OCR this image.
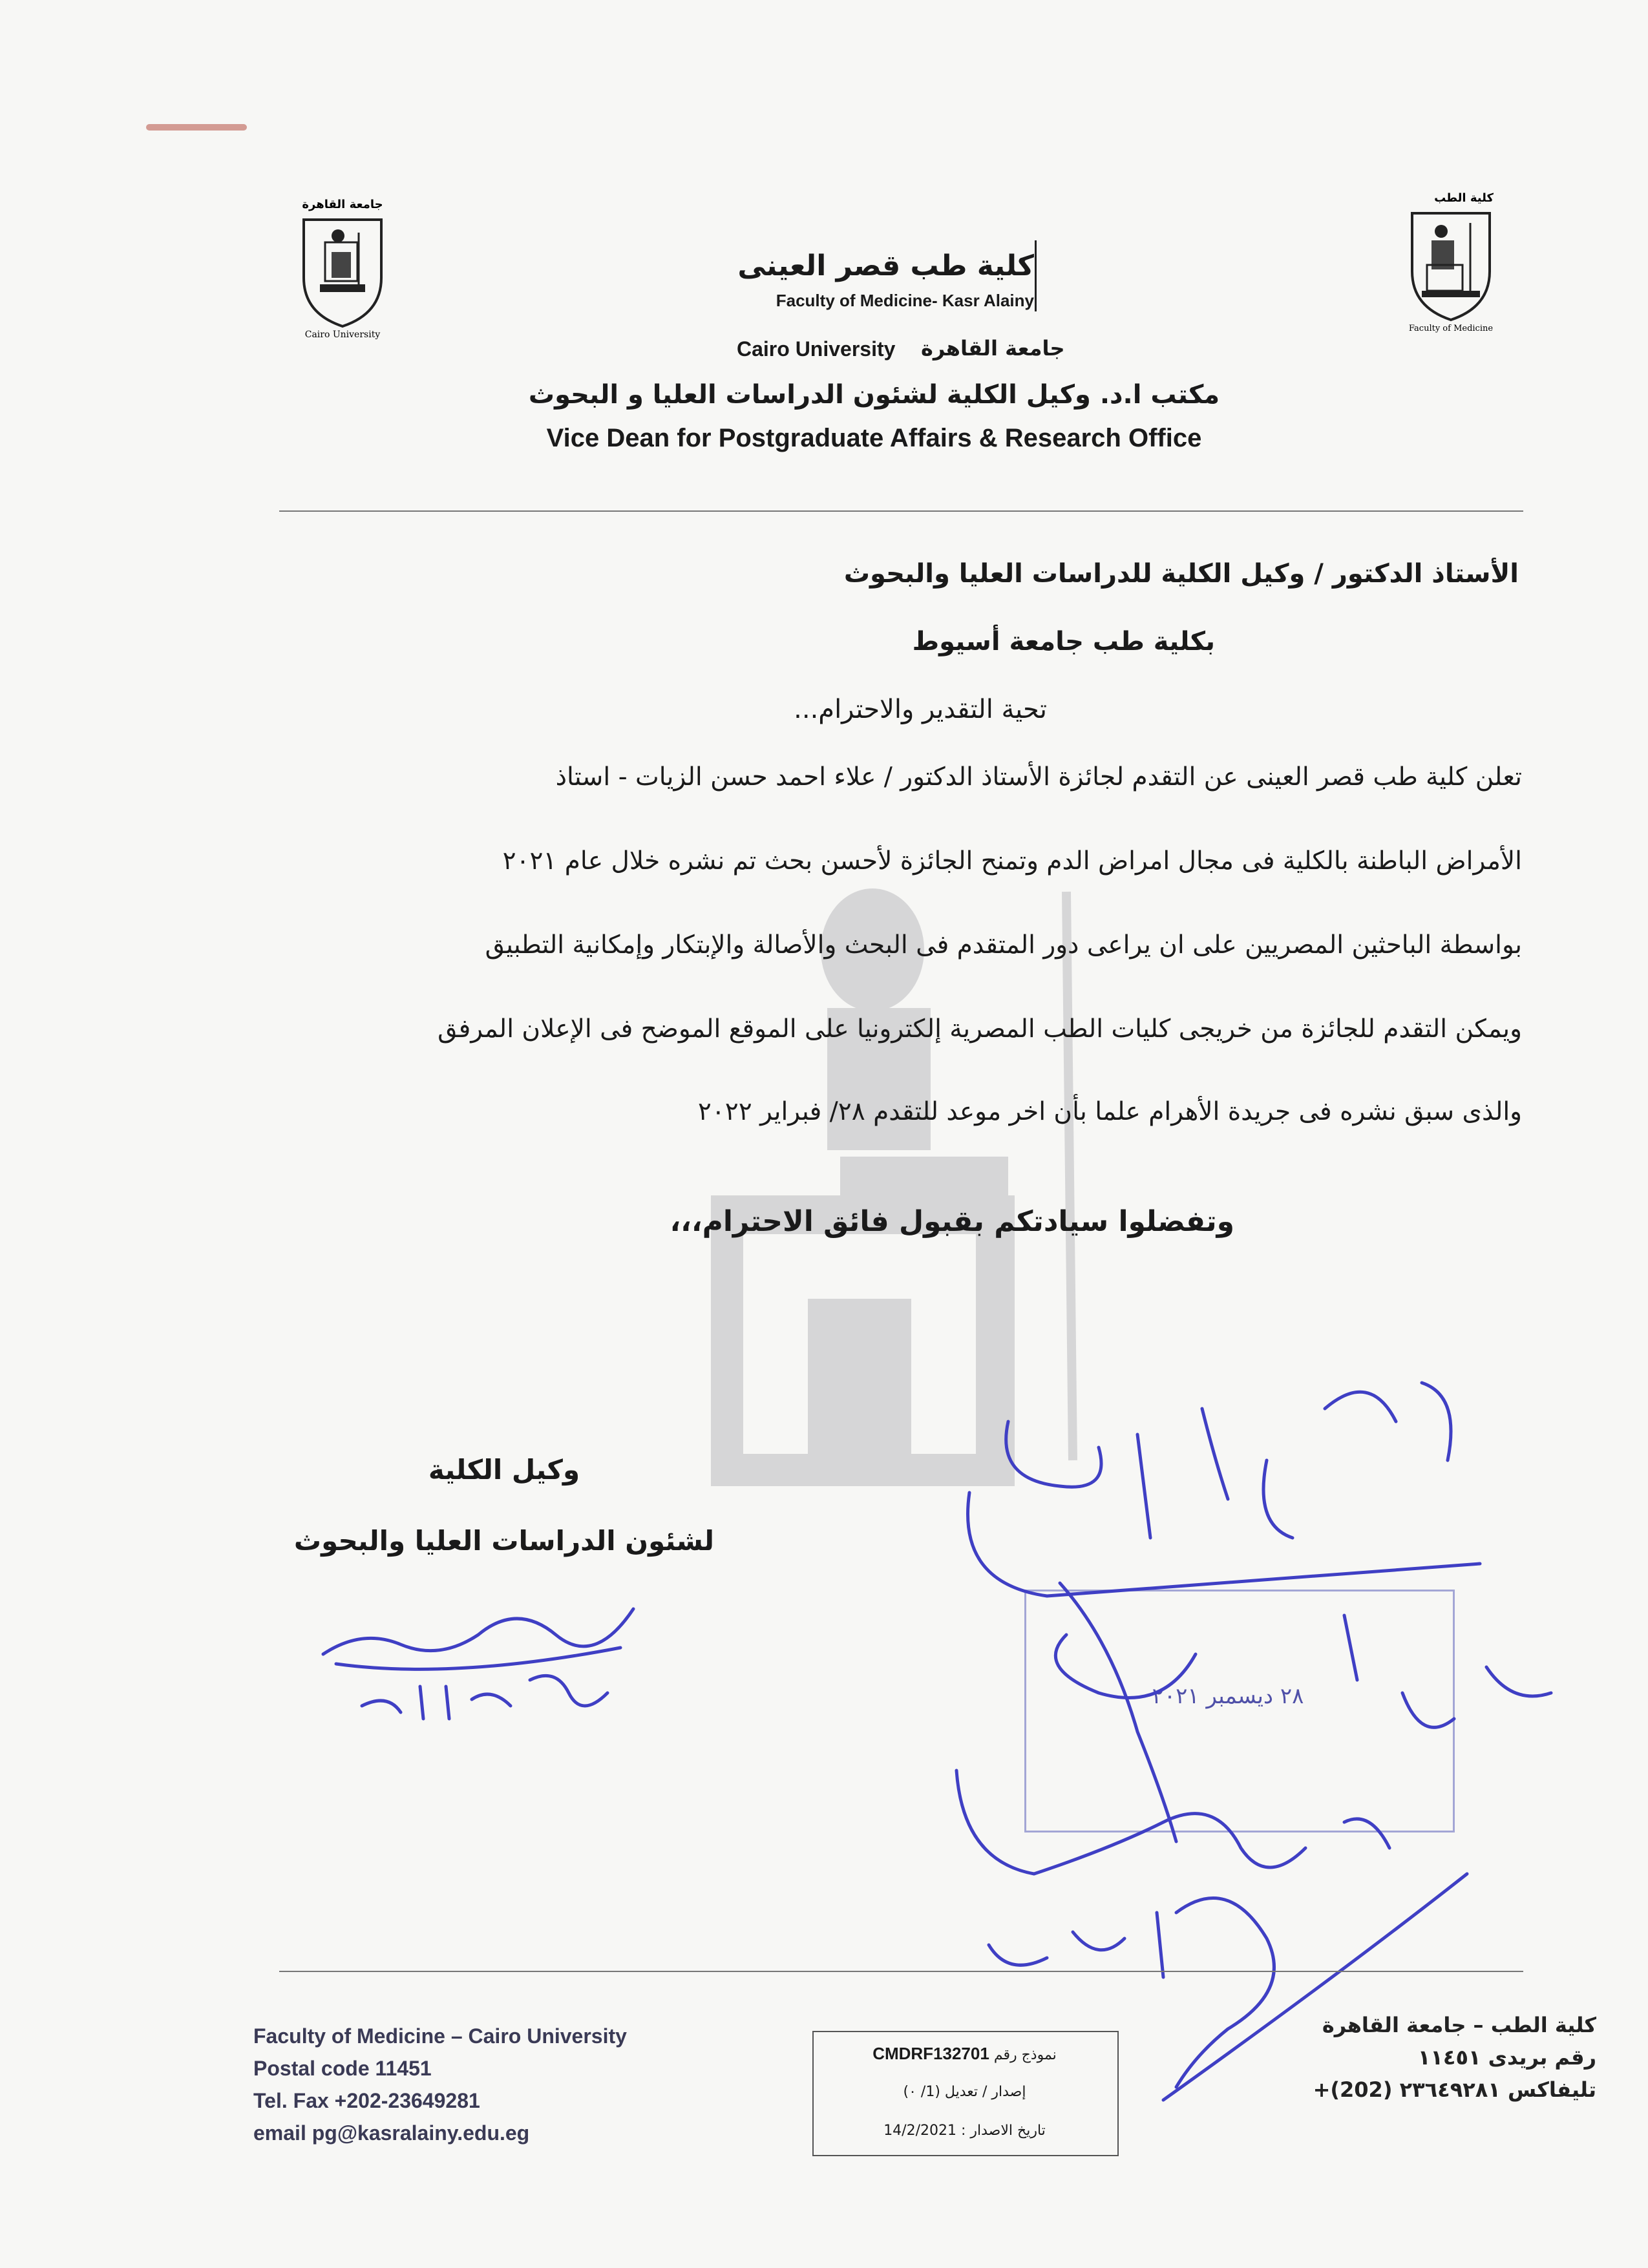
جامعة القاهرة
Cairo University
كلية الطب
Faculty of Medicine
كلية طب قصر العينى
Faculty of Medicine- Kasr Alainy
Cairo University جامعة القاهرة
مكتب ا.د. وكيل الكلية لشئون الدراسات العليا و البحوث
Vice Dean for Postgraduate Affairs & Research Office
الأستاذ الدكتور / وكيل الكلية للدراسات العليا والبحوث
بكلية طب جامعة أسيوط
تحية التقدير والاحترام...
تعلن كلية طب قصر العينى عن التقدم لجائزة الأستاذ الدكتور / علاء احمد حسن الزيات - استاذ
الأمراض الباطنة بالكلية فى مجال امراض الدم وتمنح الجائزة لأحسن بحث تم نشره خلال عام ٢٠٢١
بواسطة الباحثين المصريين على ان يراعى دور المتقدم فى البحث والأصالة والإبتكار وإمكانية التطبيق
ويمكن التقدم للجائزة من خريجى كليات الطب المصرية إلكترونيا على الموقع الموضح فى الإعلان المرفق
والذى سبق نشره فى جريدة الأهرام علما بأن اخر موعد للتقدم ٢٨/ فبراير ٢٠٢٢
وتفضلوا سيادتكم بقبول فائق الاحترام،،،
وكيل الكلية
لشئون الدراسات العليا والبحوث
٢٨ ديسمبر ٢٠٢١
Faculty of Medicine – Cairo University
Postal code 11451
Tel. Fax +202-23649281
email pg@kasralainy.edu.eg
نموذج رقم CMDRF132701
إصدار / تعديل (1/ ٠)
تاريخ الاصدار : 14/2/2021
كلية الطب – جامعة القاهرة
رقم بريدى ١١٤٥١
تليفاكس ٢٣٦٤٩٢٨١ (202)+
